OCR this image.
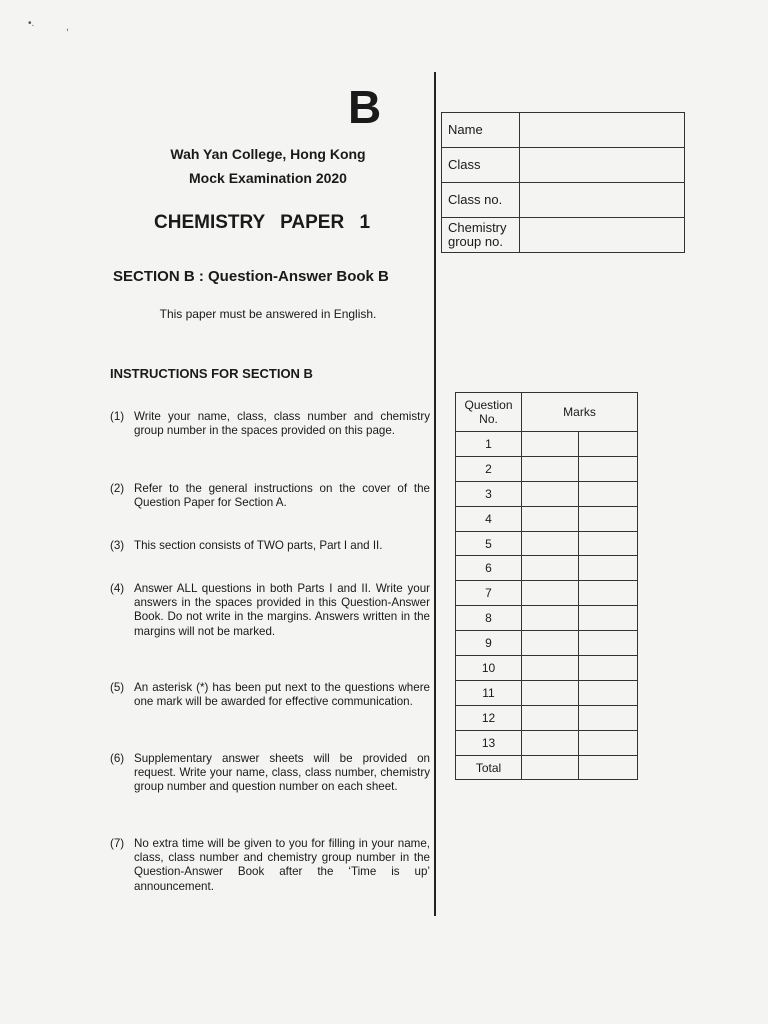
•.	,
B
Wah Yan College, Hong Kong
Mock Examination 2020
CHEMISTRY PAPER 1
SECTION B : Question-Answer Book B
This paper must be answered in English.
INSTRUCTIONS FOR SECTION B
(1) Write your name, class, class number and chemistry group number in the spaces provided on this page.
(2) Refer to the general instructions on the cover of the Question Paper for Section A.
(3) This section consists of TWO parts, Part I and II.
(4) Answer ALL questions in both Parts I and II. Write your answers in the spaces provided in this Question-Answer Book. Do not write in the margins. Answers written in the margins will not be marked.
(5) An asterisk (*) has been put next to the questions where one mark will be awarded for effective communication.
(6) Supplementary answer sheets will be provided on request. Write your name, class, class number, chemistry group number and question number on each sheet.
(7) No extra time will be given to you for filling in your name, class, class number and chemistry group number in the Question-Answer Book after the ‘Time is up’ announcement.
Name	
Class	
Class no.	
Chemistry group no.	
Question No.	Marks	
1		
2		
3		
4		
5		
6		
7		
8		
9		
10		
11		
12		
13		
Total		
